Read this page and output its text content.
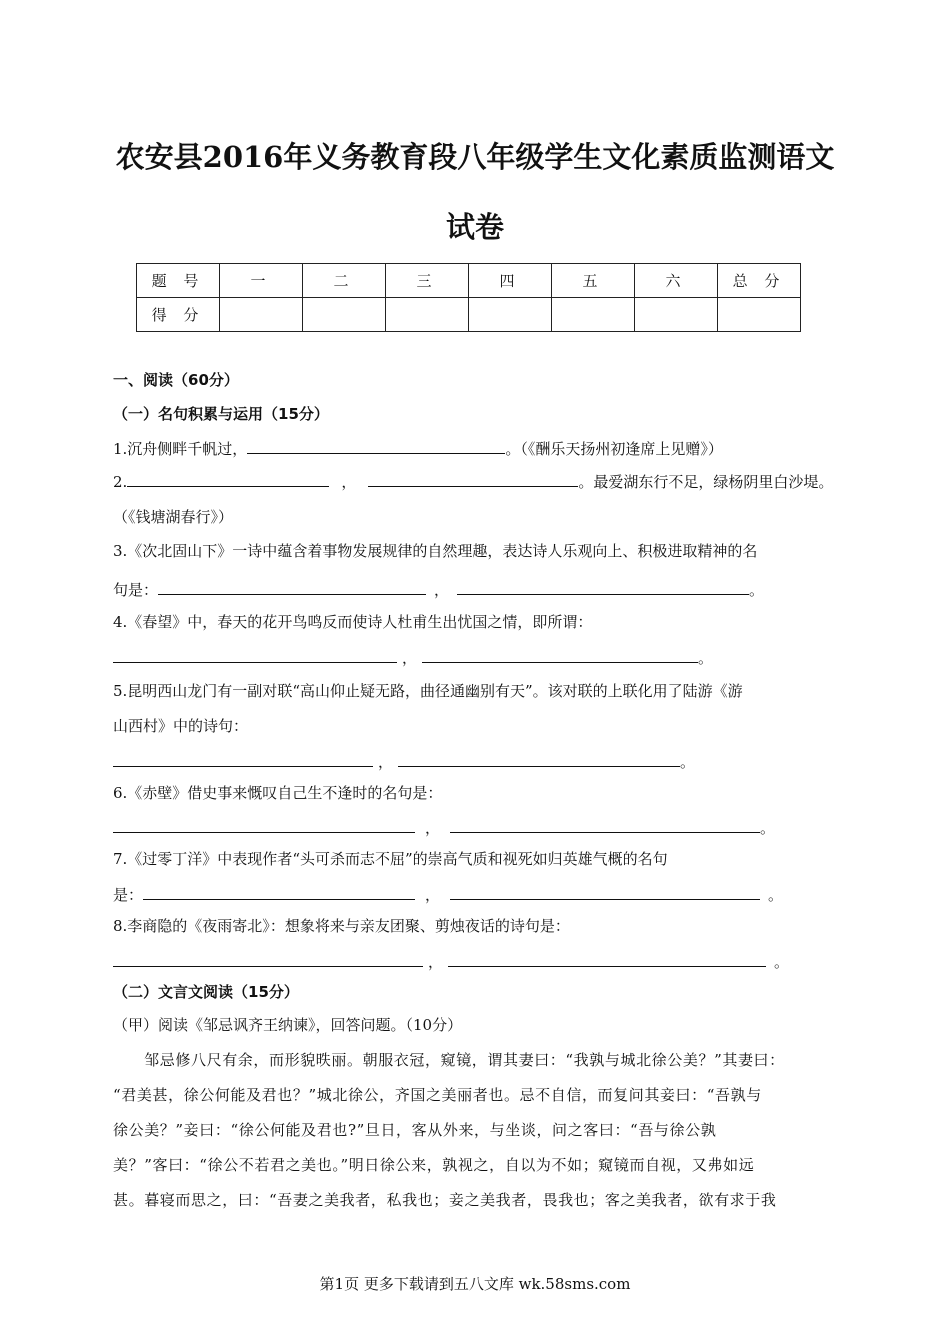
农安县2016年义务教育段八年级学生文化素质监测语文
试卷
题 号	一	二	三	四	五	六	总 分
得 分							
一、阅读（60分）
（一）名句积累与运用（15分）
1.沉舟侧畔千帆过，	。（《酬乐天扬州初逢席上见赠》）
2.	，	。最爱湖东行不足，绿杨阴里白沙堤。
（《钱塘湖春行》）
3.《次北固山下》一诗中蕴含着事物发展规律的自然理趣，表达诗人乐观向上、积极进取精神的名
句是：	，	。
4.《春望》中，春天的花开鸟鸣反而使诗人杜甫生出忧国之情，即所谓：
，	。
5.昆明西山龙门有一副对联“高山仰止疑无路，曲径通幽别有天”。该对联的上联化用了陆游《游
山西村》中的诗句：
，	。
6.《赤壁》借史事来慨叹自己生不逢时的名句是：
，	。
7.《过零丁洋》中表现作者“头可杀而志不屈”的崇高气质和视死如归英雄气概的名句
是：	，	。
8.李商隐的《夜雨寄北》：想象将来与亲友团聚、剪烛夜话的诗句是：
，	。
（二）文言文阅读（15分）
（甲）阅读《邹忌讽齐王纳谏》，回答问题。（10分）
　　邹忌修八尺有余，而形貌昳丽。朝服衣冠，窥镜，谓其妻曰：“我孰与城北徐公美？”其妻曰：
“君美甚，徐公何能及君也？”城北徐公，齐国之美丽者也。忌不自信，而复问其妾曰：“吾孰与
徐公美？”妾曰：“徐公何能及君也?”旦日，客从外来，与坐谈，问之客曰：“吾与徐公孰
美？”客曰：“徐公不若君之美也。”明日徐公来，孰视之，自以为不如；窥镜而自视，又弗如远
甚。暮寝而思之，曰：“吾妻之美我者，私我也；妾之美我者，畏我也；客之美我者，欲有求于我
第1页 更多下载请到五八文库 wk.58sms.com
